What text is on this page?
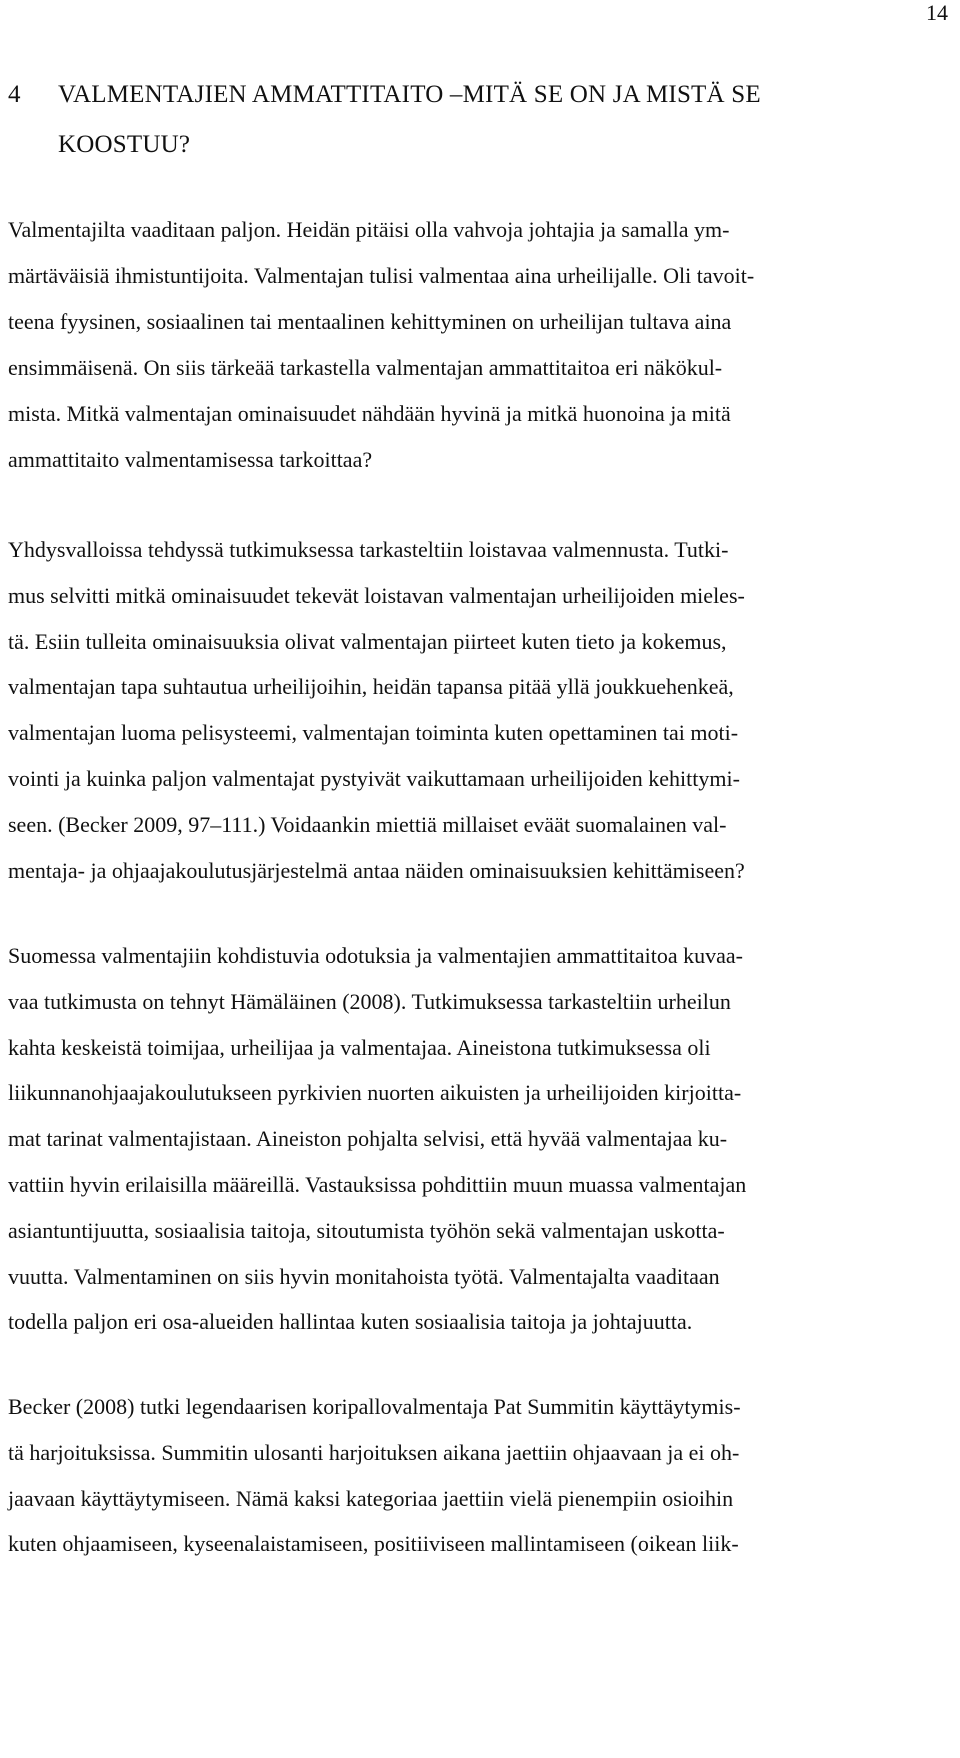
14
4 VALMENTAJIEN AMMATTITAITO –MITÄ SE ON JA MISTÄ SE
KOOSTUU?
Valmentajilta vaaditaan paljon. Heidän pitäisi olla vahvoja johtajia ja samalla ym-
märtäväisiä ihmistuntijoita. Valmentajan tulisi valmentaa aina urheilijalle. Oli tavoit-
teena fyysinen, sosiaalinen tai mentaalinen kehittyminen on urheilijan tultava aina
ensimmäisenä. On siis tärkeää tarkastella valmentajan ammattitaitoa eri näkökul-
mista. Mitkä valmentajan ominaisuudet nähdään hyvinä ja mitkä huonoina ja mitä
ammattitaito valmentamisessa tarkoittaa?
Yhdysvalloissa tehdyssä tutkimuksessa tarkasteltiin loistavaa valmennusta. Tutki-
mus selvitti mitkä ominaisuudet tekevät loistavan valmentajan urheilijoiden mieles-
tä. Esiin tulleita ominaisuuksia olivat valmentajan piirteet kuten tieto ja kokemus,
valmentajan tapa suhtautua urheilijoihin, heidän tapansa pitää yllä joukkuehenkeä,
valmentajan luoma pelisysteemi, valmentajan toiminta kuten opettaminen tai moti-
vointi ja kuinka paljon valmentajat pystyivät vaikuttamaan urheilijoiden kehittymi-
seen. (Becker 2009, 97–111.) Voidaankin miettiä millaiset eväät suomalainen val-
mentaja- ja ohjaajakoulutusjärjestelmä antaa näiden ominaisuuksien kehittämiseen?
Suomessa valmentajiin kohdistuvia odotuksia ja valmentajien ammattitaitoa kuvaa-
vaa tutkimusta on tehnyt Hämäläinen (2008). Tutkimuksessa tarkasteltiin urheilun
kahta keskeistä toimijaa, urheilijaa ja valmentajaa. Aineistona tutkimuksessa oli
liikunnanohjaajakoulutukseen pyrkivien nuorten aikuisten ja urheilijoiden kirjoitta-
mat tarinat valmentajistaan. Aineiston pohjalta selvisi, että hyvää valmentajaa ku-
vattiin hyvin erilaisilla määreillä. Vastauksissa pohdittiin muun muassa valmentajan
asiantuntijuutta, sosiaalisia taitoja, sitoutumista työhön sekä valmentajan uskotta-
vuutta. Valmentaminen on siis hyvin monitahoista työtä. Valmentajalta vaaditaan
todella paljon eri osa-alueiden hallintaa kuten sosiaalisia taitoja ja johtajuutta.
Becker (2008) tutki legendaarisen koripallovalmentaja Pat Summitin käyttäytymis-
tä harjoituksissa. Summitin ulosanti harjoituksen aikana jaettiin ohjaavaan ja ei oh-
jaavaan käyttäytymiseen. Nämä kaksi kategoriaa jaettiin vielä pienempiin osioihin
kuten ohjaamiseen, kyseenalaistamiseen, positiiviseen mallintamiseen (oikean liik-
